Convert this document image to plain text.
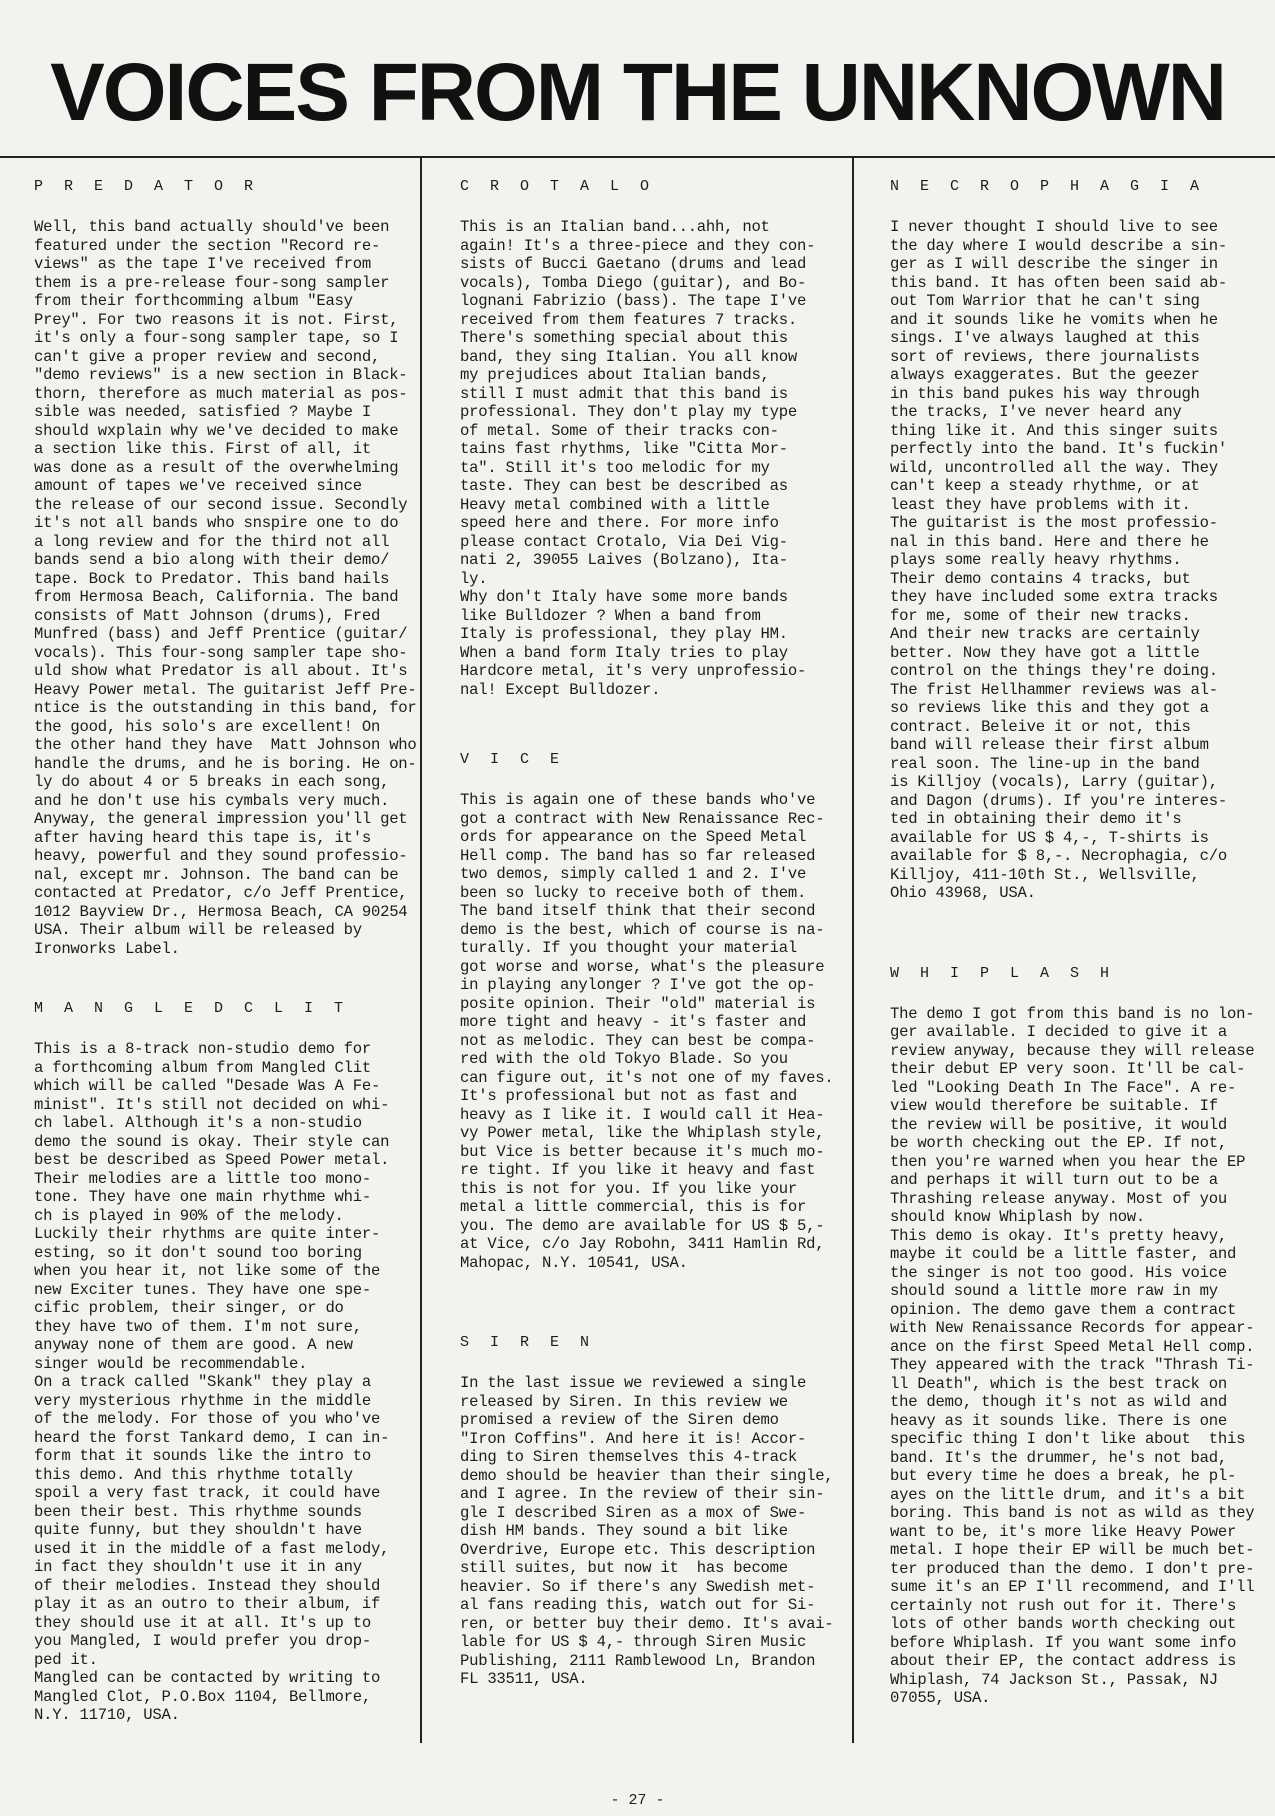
VOICES FROM THE UNKNOWN
P R E D A T O R
Well, this band actually should've been
featured under the section "Record re-
views" as the tape I've received from
them is a pre-release four-song sampler
from their forthcomming album "Easy
Prey". For two reasons it is not. First,
it's only a four-song sampler tape, so I
can't give a proper review and second,
"demo reviews" is a new section in Black-
thorn, therefore as much material as pos-
sible was needed, satisfied ? Maybe I
should wxplain why we've decided to make
a section like this. First of all, it
was done as a result of the overwhelming
amount of tapes we've received since
the release of our second issue. Secondly
it's not all bands who snspire one to do
a long review and for the third not all
bands send a bio along with their demo/
tape. Bock to Predator. This band hails
from Hermosa Beach, California. The band
consists of Matt Johnson (drums), Fred
Munfred (bass) and Jeff Prentice (guitar/
vocals). This four-song sampler tape sho-
uld show what Predator is all about. It's
Heavy Power metal. The guitarist Jeff Pre-
ntice is the outstanding in this band, for
the good, his solo's are excellent! On
the other hand they have  Matt Johnson who
handle the drums, and he is boring. He on-
ly do about 4 or 5 breaks in each song,
and he don't use his cymbals very much.
Anyway, the general impression you'll get
after having heard this tape is, it's
heavy, powerful and they sound professio-
nal, except mr. Johnson. The band can be
contacted at Predator, c/o Jeff Prentice,
1012 Bayview Dr., Hermosa Beach, CA 90254
USA. Their album will be released by
Ironworks Label.
M A N G L E D C L I T
This is a 8-track non-studio demo for
a forthcoming album from Mangled Clit
which will be called "Desade Was A Fe-
minist". It's still not decided on whi-
ch label. Although it's a non-studio
demo the sound is okay. Their style can
best be described as Speed Power metal.
Their melodies are a little too mono-
tone. They have one main rhythme whi-
ch is played in 90% of the melody.
Luckily their rhythms are quite inter-
esting, so it don't sound too boring
when you hear it, not like some of the
new Exciter tunes. They have one spe-
cific problem, their singer, or do
they have two of them. I'm not sure,
anyway none of them are good. A new
singer would be recommendable.
On a track called "Skank" they play a
very mysterious rhythme in the middle
of the melody. For those of you who've
heard the forst Tankard demo, I can in-
form that it sounds like the intro to
this demo. And this rhythme totally
spoil a very fast track, it could have
been their best. This rhythme sounds
quite funny, but they shouldn't have
used it in the middle of a fast melody,
in fact they shouldn't use it in any
of their melodies. Instead they should
play it as an outro to their album, if
they should use it at all. It's up to
you Mangled, I would prefer you drop-
ped it.
Mangled can be contacted by writing to
Mangled Clot, P.O.Box 1104, Bellmore,
N.Y. 11710, USA.
C R O T A L O
This is an Italian band...ahh, not
again! It's a three-piece and they con-
sists of Bucci Gaetano (drums and lead
vocals), Tomba Diego (guitar), and Bo-
lognani Fabrizio (bass). The tape I've
received from them features 7 tracks.
There's something special about this
band, they sing Italian. You all know
my prejudices about Italian bands,
still I must admit that this band is
professional. They don't play my type
of metal. Some of their tracks con-
tains fast rhythms, like "Citta Mor-
ta". Still it's too melodic for my
taste. They can best be described as
Heavy metal combined with a little
speed here and there. For more info
please contact Crotalo, Via Dei Vig-
nati 2, 39055 Laives (Bolzano), Ita-
ly.
Why don't Italy have some more bands
like Bulldozer ? When a band from
Italy is professional, they play HM.
When a band form Italy tries to play
Hardcore metal, it's very unprofessio-
nal! Except Bulldozer.
V I C E
This is again one of these bands who've
got a contract with New Renaissance Rec-
ords for appearance on the Speed Metal
Hell comp. The band has so far released
two demos, simply called 1 and 2. I've
been so lucky to receive both of them.
The band itself think that their second
demo is the best, which of course is na-
turally. If you thought your material
got worse and worse, what's the pleasure
in playing anylonger ? I've got the op-
posite opinion. Their "old" material is
more tight and heavy - it's faster and
not as melodic. They can best be compa-
red with the old Tokyo Blade. So you
can figure out, it's not one of my faves.
It's professional but not as fast and
heavy as I like it. I would call it Hea-
vy Power metal, like the Whiplash style,
but Vice is better because it's much mo-
re tight. If you like it heavy and fast
this is not for you. If you like your
metal a little commercial, this is for
you. The demo are available for US $ 5,-
at Vice, c/o Jay Robohn, 3411 Hamlin Rd,
Mahopac, N.Y. 10541, USA.
S I R E N
In the last issue we reviewed a single
released by Siren. In this review we
promised a review of the Siren demo
"Iron Coffins". And here it is! Accor-
ding to Siren themselves this 4-track
demo should be heavier than their single,
and I agree. In the review of their sin-
gle I described Siren as a mox of Swe-
dish HM bands. They sound a bit like
Overdrive, Europe etc. This description
still suites, but now it  has become
heavier. So if there's any Swedish met-
al fans reading this, watch out for Si-
ren, or better buy their demo. It's avai-
lable for US $ 4,- through Siren Music
Publishing, 2111 Ramblewood Ln, Brandon
FL 33511, USA.
N E C R O P H A G I A
I never thought I should live to see
the day where I would describe a sin-
ger as I will describe the singer in
this band. It has often been said ab-
out Tom Warrior that he can't sing
and it sounds like he vomits when he
sings. I've always laughed at this
sort of reviews, there journalists
always exaggerates. But the geezer
in this band pukes his way through
the tracks, I've never heard any
thing like it. And this singer suits
perfectly into the band. It's fuckin'
wild, uncontrolled all the way. They
can't keep a steady rhythme, or at
least they have problems with it.
The guitarist is the most professio-
nal in this band. Here and there he
plays some really heavy rhythms.
Their demo contains 4 tracks, but
they have included some extra tracks
for me, some of their new tracks.
And their new tracks are certainly
better. Now they have got a little
control on the things they're doing.
The frist Hellhammer reviews was al-
so reviews like this and they got a
contract. Beleive it or not, this
band will release their first album
real soon. The line-up in the band
is Killjoy (vocals), Larry (guitar),
and Dagon (drums). If you're interes-
ted in obtaining their demo it's
available for US $ 4,-, T-shirts is
available for $ 8,-. Necrophagia, c/o
Killjoy, 411-10th St., Wellsville,
Ohio 43968, USA.
W H I P L A S H
The demo I got from this band is no lon-
ger available. I decided to give it a
review anyway, because they will release
their debut EP very soon. It'll be cal-
led "Looking Death In The Face". A re-
view would therefore be suitable. If
the review will be positive, it would
be worth checking out the EP. If not,
then you're warned when you hear the EP
and perhaps it will turn out to be a
Thrashing release anyway. Most of you
should know Whiplash by now.
This demo is okay. It's pretty heavy,
maybe it could be a little faster, and
the singer is not too good. His voice
should sound a little more raw in my
opinion. The demo gave them a contract
with New Renaissance Records for appear-
ance on the first Speed Metal Hell comp.
They appeared with the track "Thrash Ti-
ll Death", which is the best track on
the demo, though it's not as wild and
heavy as it sounds like. There is one
specific thing I don't like about  this
band. It's the drummer, he's not bad,
but every time he does a break, he pl-
ayes on the little drum, and it's a bit
boring. This band is not as wild as they
want to be, it's more like Heavy Power
metal. I hope their EP will be much bet-
ter produced than the demo. I don't pre-
sume it's an EP I'll recommend, and I'll
certainly not rush out for it. There's
lots of other bands worth checking out
before Whiplash. If you want some info
about their EP, the contact address is
Whiplash, 74 Jackson St., Passak, NJ
07055, USA.
- 27 -
